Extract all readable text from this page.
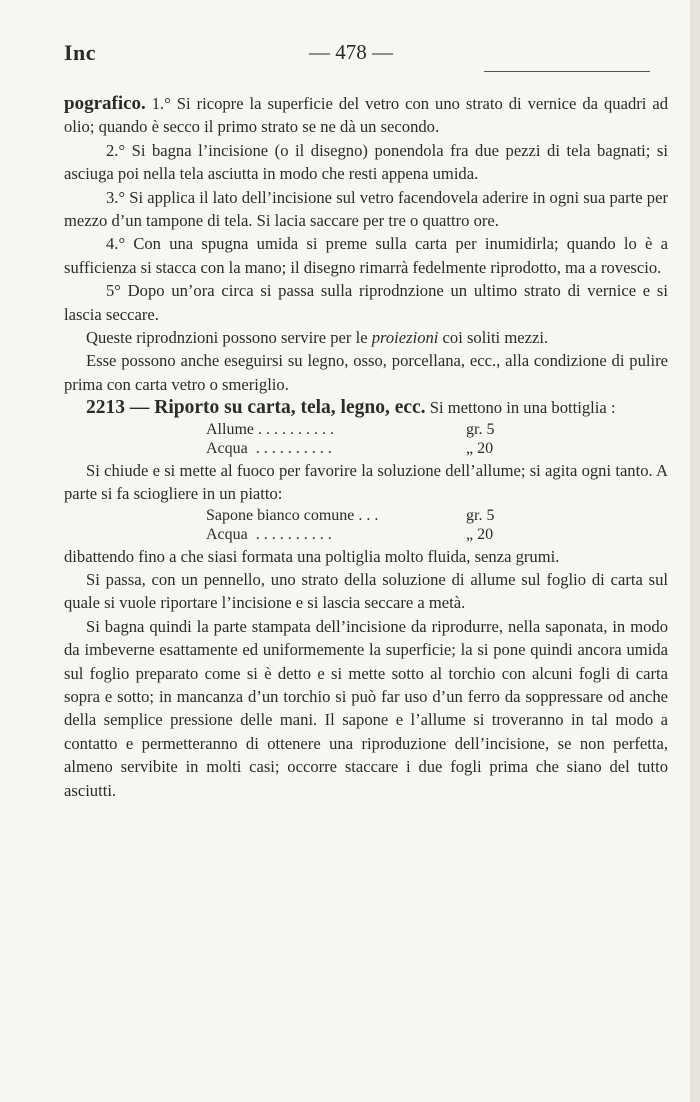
Inc	— 478 —

pografico. 1.° Si ricopre la superficie del vetro con uno strato di vernice da quadri ad olio; quando è secco il primo strato se ne dà un secondo.

2.° Si bagna l’incisione (o il disegno) ponendola fra due pezzi di tela bagnati; si asciuga poi nella tela asciutta in modo che resti appena umida.

3.° Si applica il lato dell’incisione sul vetro facendovela aderire in ogni sua parte per mezzo d’un tampone di tela. Si lacia saccare per tre o quattro ore.

4.° Con una spugna umida si preme sulla carta per inumidirla; quando lo è a sufficienza si stacca con la mano; il disegno rimarrà fedelmente riprodotto, ma a rovescio.

5° Dopo un’ora circa si passa sulla riprodnzione un ultimo strato di vernice e si lascia seccare.

Queste riprodnzioni possono servire per le proiezioni coi soliti mezzi.

Esse possono anche eseguirsi su legno, osso, porcellana, ecc., alla condizione di pulire prima con carta vetro o smeriglio.

2213 — Riporto su carta, tela, legno, ecc. Si mettono in una bottiglia :

Allume . . . . . . . . . .	gr. 5
Acqua  . . . . . . . . . .	„ 20

Si chiude e si mette al fuoco per favorire la soluzione dell’allume; si agita ogni tanto. A parte si fa sciogliere in un piatto:

Sapone bianco comune . . .	gr. 5
Acqua  . . . . . . . . . .	„ 20

dibattendo fino a che siasi formata una poltiglia molto fluida, senza grumi.

Si passa, con un pennello, uno strato della soluzione di allume sul foglio di carta sul quale si vuole riportare l’incisione e si lascia seccare a metà.

Si bagna quindi la parte stampata dell’incisione da riprodurre, nella saponata, in modo da imbeverne esattamente ed uniformemente la superficie; la si pone quindi ancora umida sul foglio preparato come si è detto e si mette sotto al torchio con alcuni fogli di carta sopra e sotto; in mancanza d’un torchio si può far uso d’un ferro da soppressare od anche della semplice pressione delle mani. Il sapone e l’allume si troveranno in tal modo a contatto e permetteranno di ottenere una riproduzione dell’incisione, se non perfetta, almeno servibite in molti casi; occorre staccare i due fogli prima che siano del tutto asciutti.
